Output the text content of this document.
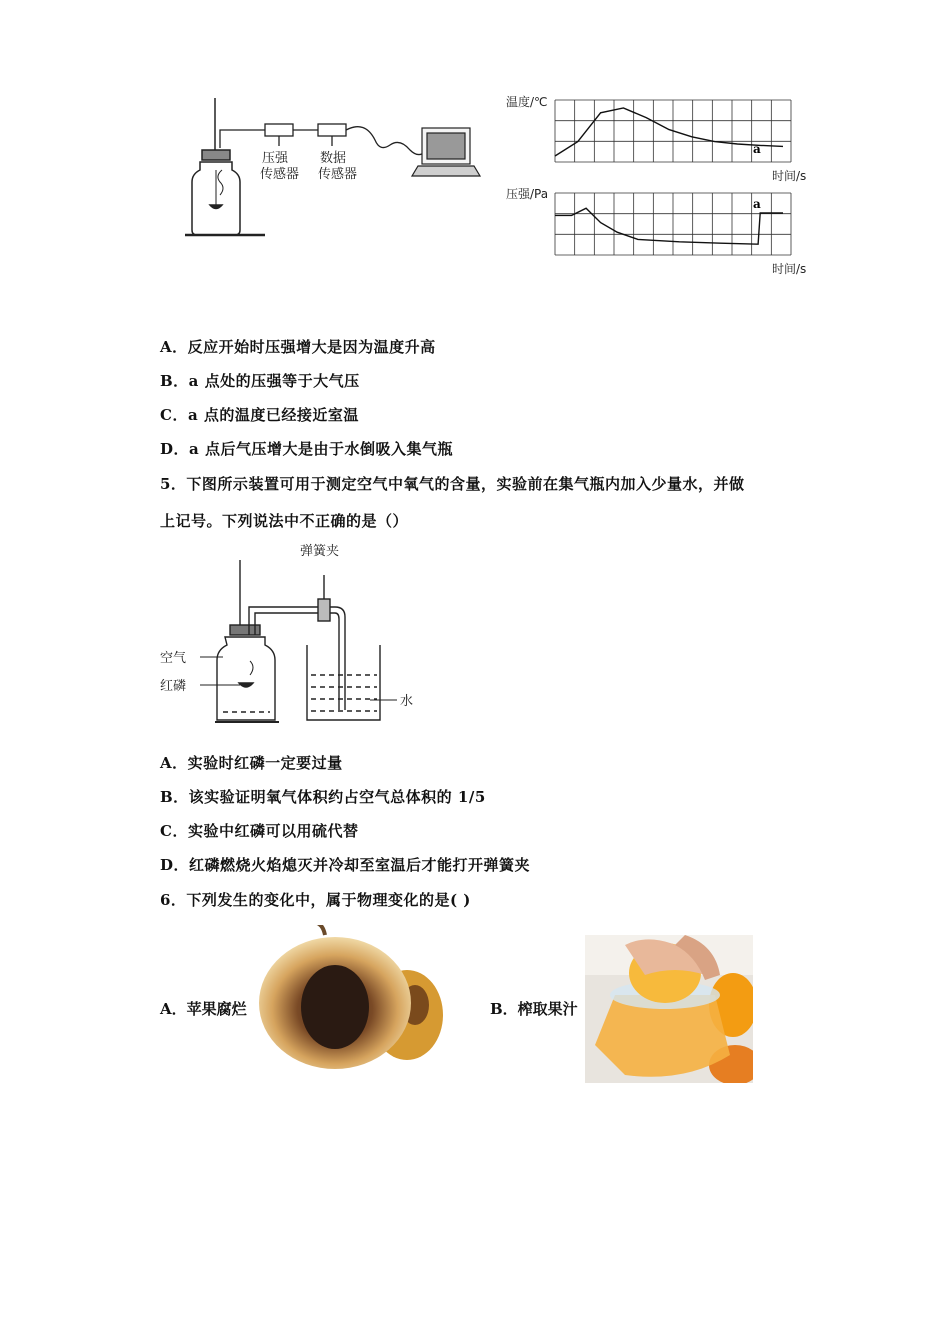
压强
传感器
数据
传感器
温度/℃
a
时间/s
压强/Pa
a
时间/s
A．反应开始时压强增大是因为温度升高
B．a 点处的压强等于大气压
C．a 点的温度已经接近室温
D．a 点后气压增大是由于水倒吸入集气瓶
5．下图所示装置可用于测定空气中氧气的含量，实验前在集气瓶内加入少量水，并做
上记号。下列说法中不正确的是（）
弹簧夹
空气
红磷
水
A．实验时红磷一定要过量
B．该实验证明氧气体积约占空气总体积的 1/5
C．实验中红磷可以用硫代替
D．红磷燃烧火焰熄灭并冷却至室温后才能打开弹簧夹
6．下列发生的变化中，属于物理变化的是( )
A．苹果腐烂	B．榨取果汁
